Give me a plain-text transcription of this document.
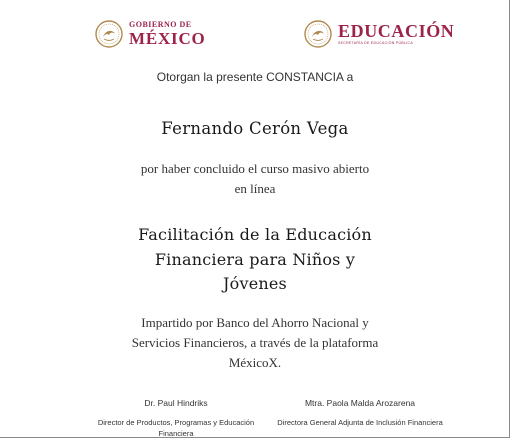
GOBIERNO DE
MÉXICO	EDUCACIÓN
SECRETARÍA DE EDUCACIÓN PÚBLICA
Otorgan la presente CONSTANCIA a
Fernando Cerón Vega
por haber concluido el curso masivo abierto en línea
Facilitación de la Educación Financiera para Niños y Jóvenes
Impartido por Banco del Ahorro Nacional y Servicios Financieros, a través de la plataforma MéxicoX.
Dr. Paul Hindriks
Director de Productos, Programas y Educación Financiera
Mtra. Paola Malda Arozarena
Directora General Adjunta de Inclusión Financiera
